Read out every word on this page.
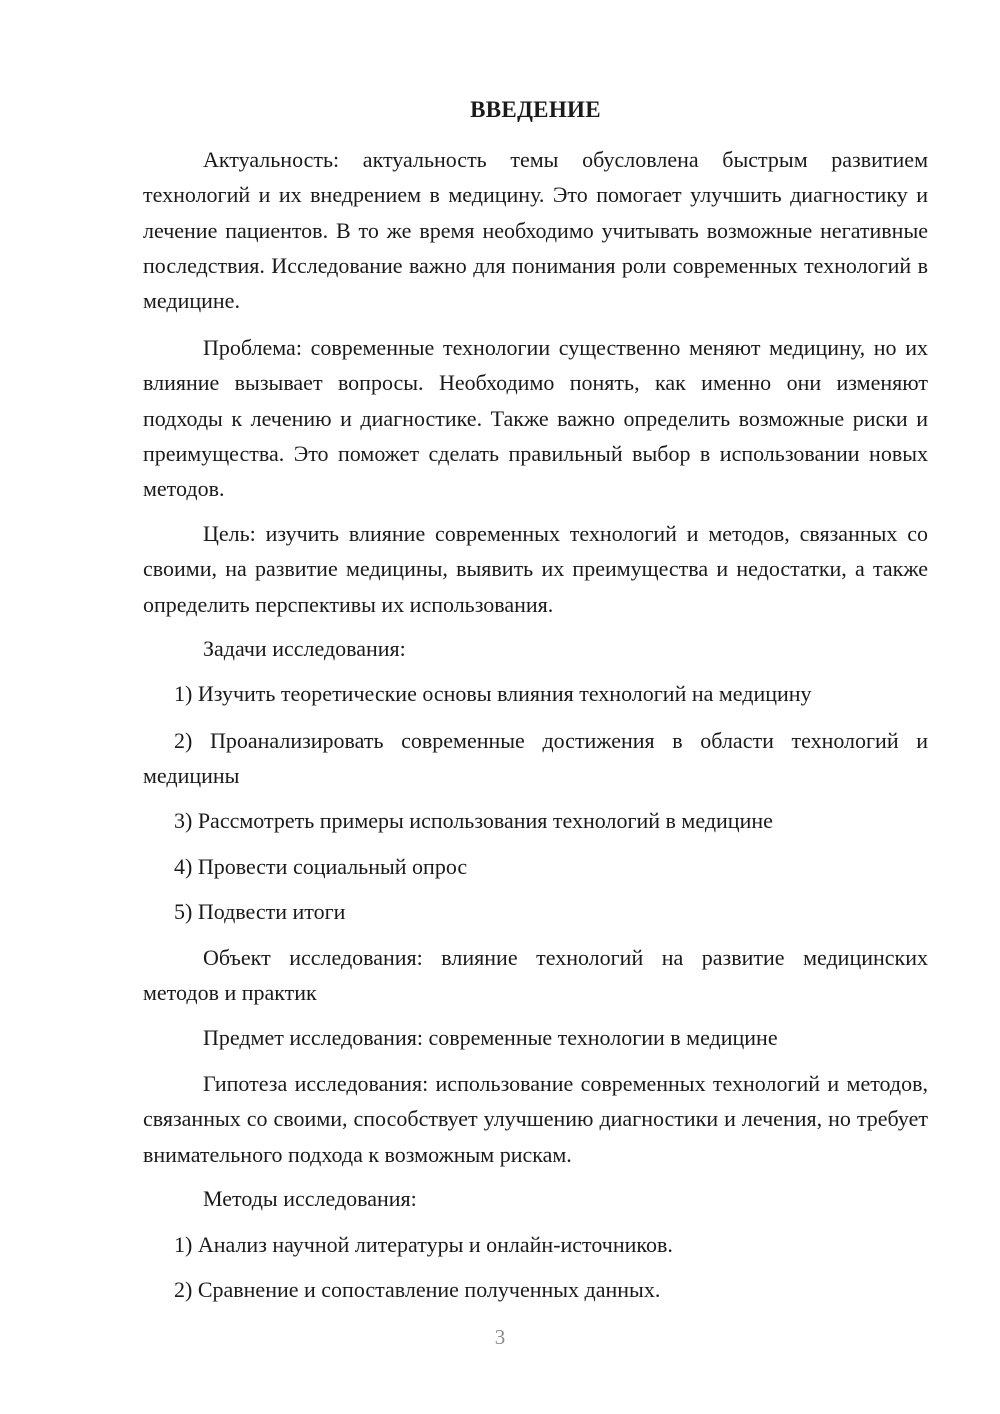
ВВЕДЕНИЕ

Актуальность: актуальность темы обусловлена быстрым развитием технологий и их внедрением в медицину. Это помогает улучшить диагностику и лечение пациентов. В то же время необходимо учитывать возможные негативные последствия. Исследование важно для понимания роли современных технологий в медицине.

Проблема: современные технологии существенно меняют медицину, но их влияние вызывает вопросы. Необходимо понять, как именно они изменяют подходы к лечению и диагностике. Также важно определить возможные риски и преимущества. Это поможет сделать правильный выбор в использовании новых методов.

Цель: изучить влияние современных технологий и методов, связанных со своими, на развитие медицины, выявить их преимущества и недостатки, а также определить перспективы их использования.

Задачи исследования:

1) Изучить теоретические основы влияния технологий на медицину

2) Проанализировать современные достижения в области технологий и медицины

3) Рассмотреть примеры использования технологий в медицине

4) Провести социальный опрос

5) Подвести итоги

Объект исследования: влияние технологий на развитие медицинских методов и практик

Предмет исследования: современные технологии в медицине

Гипотеза исследования: использование современных технологий и методов, связанных со своими, способствует улучшению диагностики и лечения, но требует внимательного подхода к возможным рискам.

Методы исследования:

1) Анализ научной литературы и онлайн-источников.

2) Сравнение и сопоставление полученных данных.

3
